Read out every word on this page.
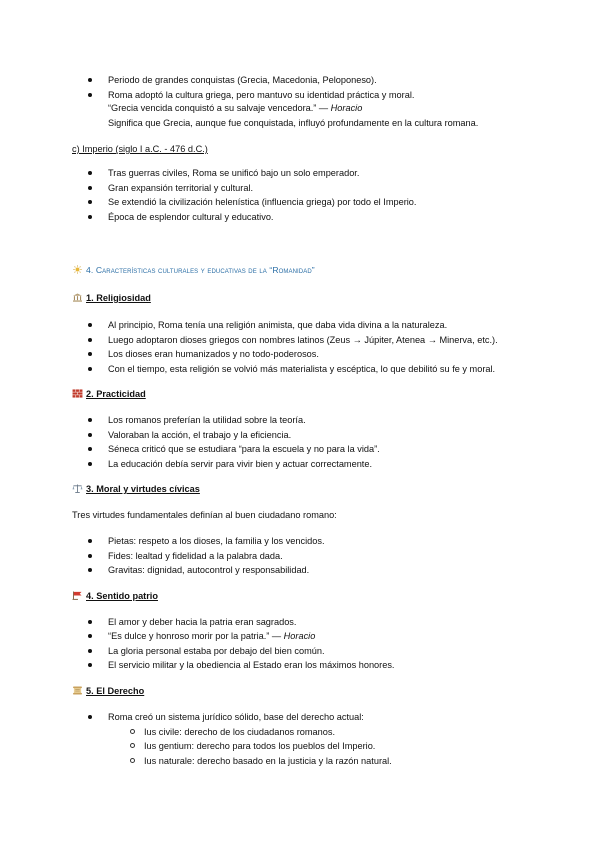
Periodo de grandes conquistas (Grecia, Macedonia, Peloponeso).
Roma adoptó la cultura griega, pero mantuvo su identidad práctica y moral.
“Grecia vencida conquistó a su salvaje vencedora.” — Horacio
Significa que Grecia, aunque fue conquistada, influyó profundamente en la cultura romana.
c) Imperio (siglo I a.C. - 476 d.C.)
Tras guerras civiles, Roma se unificó bajo un solo emperador.
Gran expansión territorial y cultural.
Se extendió la civilización helenística (influencia griega) por todo el Imperio.
Época de esplendor cultural y educativo.
4. Características culturales y educativas de la “Romanidad”
1. Religiosidad
Al principio, Roma tenía una religión animista, que daba vida divina a la naturaleza.
Luego adoptaron dioses griegos con nombres latinos (Zeus → Júpiter, Atenea → Minerva, etc.).
Los dioses eran humanizados y no todo-poderosos.
Con el tiempo, esta religión se volvió más materialista y escéptica, lo que debilitó su fe y moral.
2. Practicidad
Los romanos preferían la utilidad sobre la teoría.
Valoraban la acción, el trabajo y la eficiencia.
Séneca criticó que se estudiara “para la escuela y no para la vida”.
La educación debía servir para vivir bien y actuar correctamente.
3. Moral y virtudes cívicas
Tres virtudes fundamentales definían al buen ciudadano romano:
Pietas: respeto a los dioses, la familia y los vencidos.
Fides: lealtad y fidelidad a la palabra dada.
Gravitas: dignidad, autocontrol y responsabilidad.
4. Sentido patrio
El amor y deber hacia la patria eran sagrados.
“Es dulce y honroso morir por la patria.” — Horacio
La gloria personal estaba por debajo del bien común.
El servicio militar y la obediencia al Estado eran los máximos honores.
5. El Derecho
Roma creó un sistema jurídico sólido, base del derecho actual:
Ius civile: derecho de los ciudadanos romanos.
Ius gentium: derecho para todos los pueblos del Imperio.
Ius naturale: derecho basado en la justicia y la razón natural.
